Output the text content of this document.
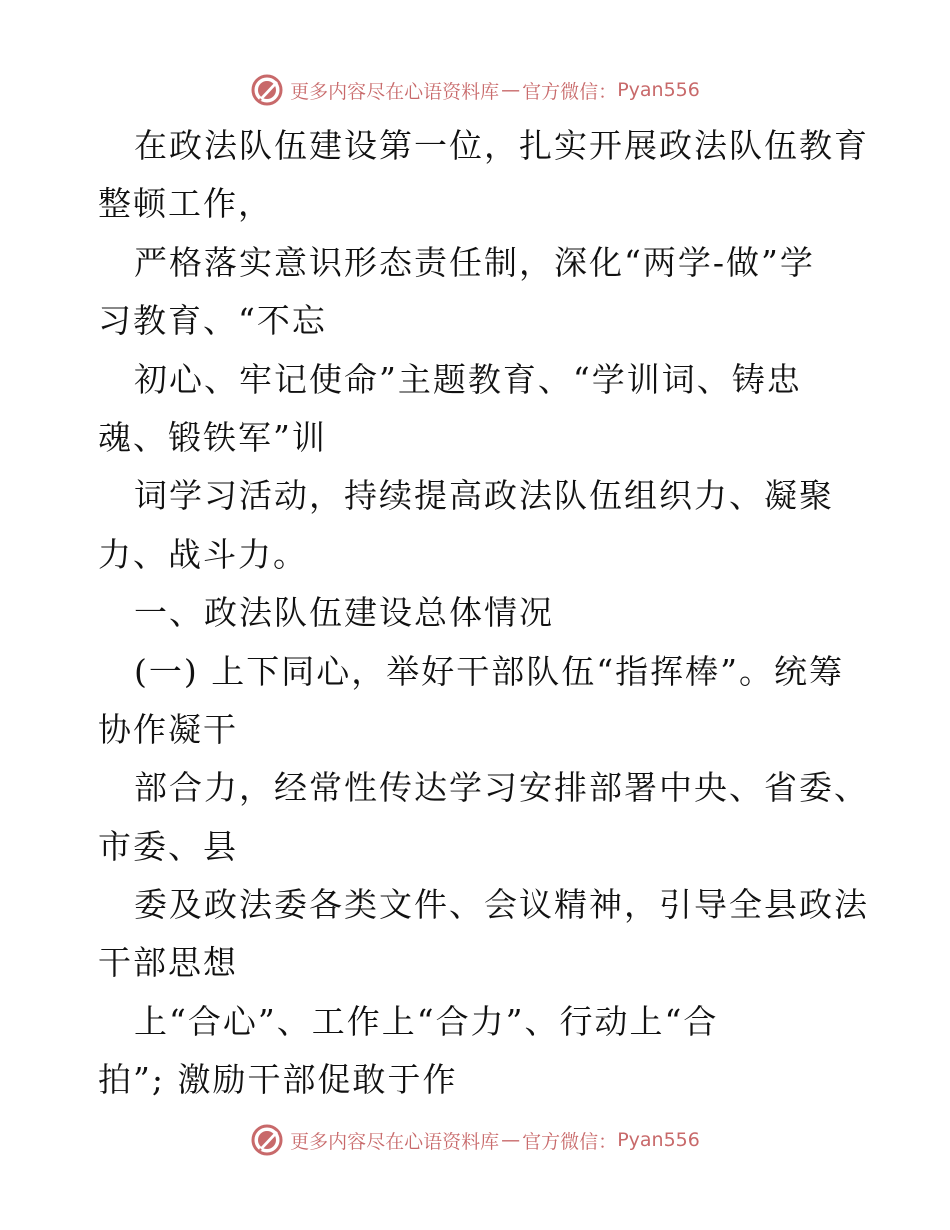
更多内容尽在心语资料库 — 官方微信： Pyan556
在政法队伍建设第一位，扎实开展政法队伍教育
整顿工作，
严格落实意识形态责任制，深化“两学-做”学
习教育、“不忘
初心、牢记使命”主题教育、“学训词、铸忠
魂、锻铁军”训
词学习活动，持续提高政法队伍组织力、凝聚
力、战斗力。
一、政法队伍建设总体情况
(一) 上下同心，举好干部队伍“指挥棒”。统筹
协作凝干
部合力，经常性传达学习安排部署中央、省委、
市委、县
委及政法委各类文件、会议精神，引导全县政法
干部思想
上“合心”、工作上“合力”、行动上“合
拍”; 激励干部促敢于作
更多内容尽在心语资料库 — 官方微信： Pyan556
